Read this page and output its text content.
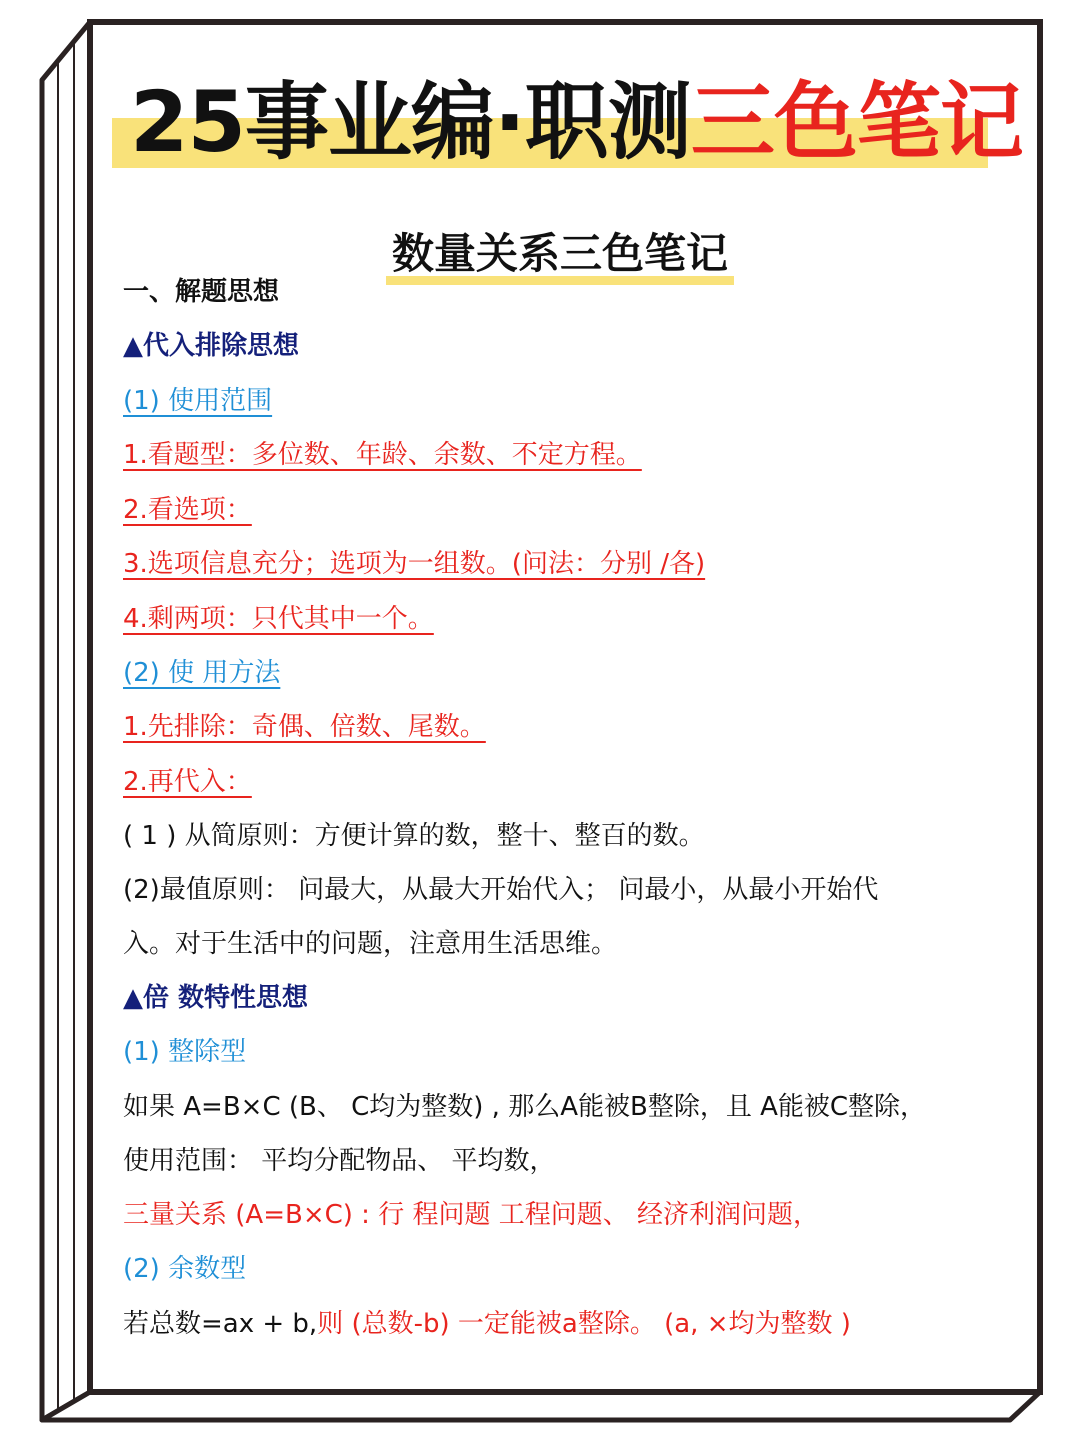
25事业编·职测三色笔记
数量关系三色笔记
一、解题思想
▲代入排除思想
(1) 使用范围
1.看题型：多位数、年龄、余数、不定方程。
2.看选项：
3.选项信息充分；选项为一组数。(问法：分别 /各)
4.剩两项：只代其中一个。
(2) 使 用方法
1.先排除：奇偶、倍数、尾数。
2.再代入：
( 1 ) 从简原则：方便计算的数，整十、整百的数。
(2)最值原则： 问最大，从最大开始代入； 问最小，从最小开始代
入。对于生活中的问题，注意用生活思维。
▲倍 数特性思想
(1) 整除型
如果 A=B×C (B、 C均为整数) , 那么A能被B整除，且 A能被C整除，
使用范围： 平均分配物品、 平均数，
三量关系 (A=B×C) : 行 程问题 工程问题、 经济利润问题，
(2) 余数型
若总数=ax + b,则 (总数-b) 一定能被a整除。 (a, ×均为整数 )
